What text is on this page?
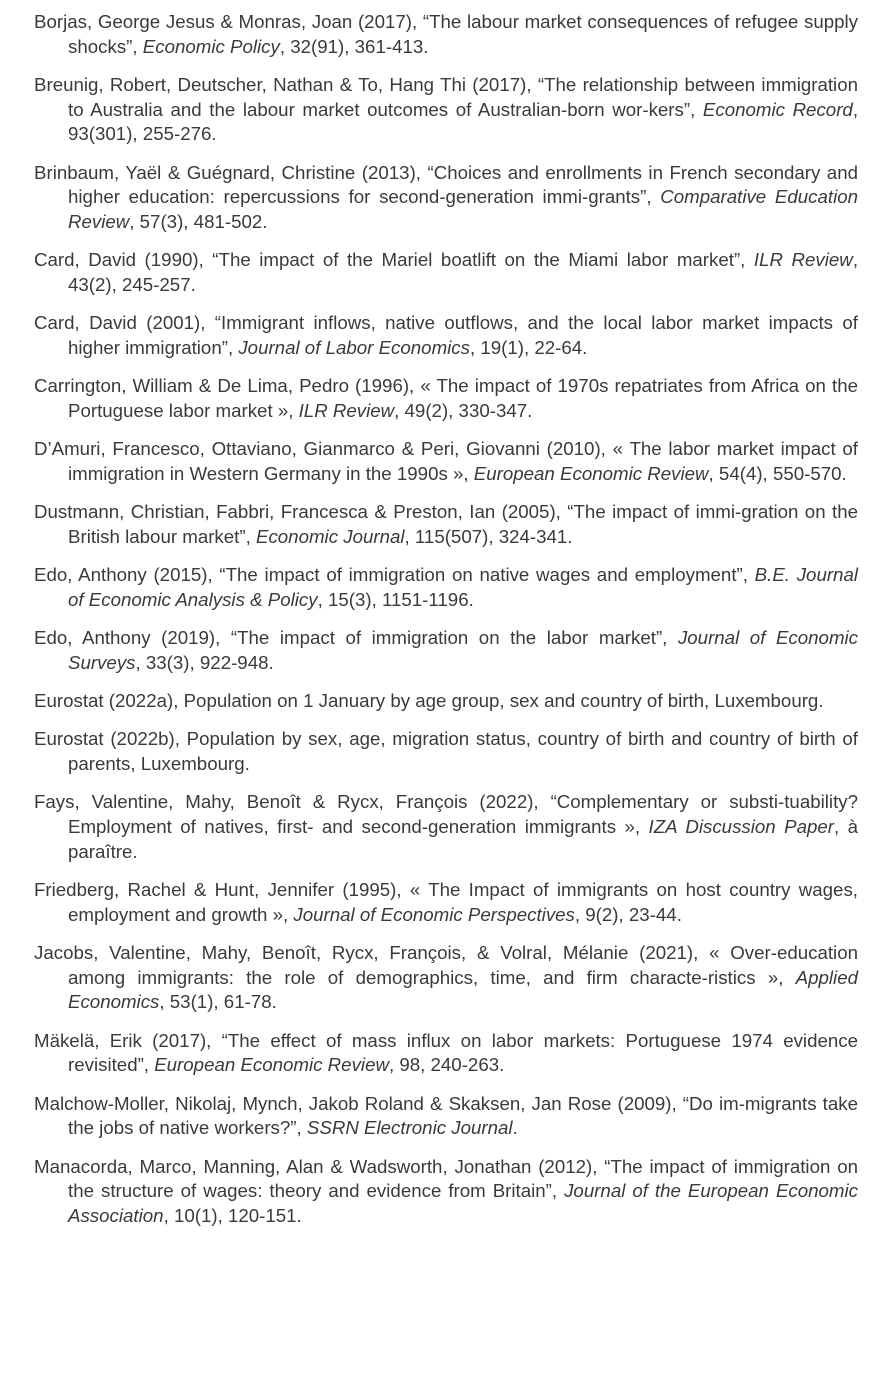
Borjas, George Jesus & Monras, Joan (2017), “The labour market consequences of refugee supply shocks”, Economic Policy, 32(91), 361-413.

Breunig, Robert, Deutscher, Nathan & To, Hang Thi (2017), “The relationship between immigration to Australia and the labour market outcomes of Australian-born wor-kers”, Economic Record, 93(301), 255-276.

Brinbaum, Yaël & Guégnard, Christine (2013), “Choices and enrollments in French secondary and higher education: repercussions for second-generation immi-grants”, Comparative Education Review, 57(3), 481-502.

Card, David (1990), “The impact of the Mariel boatlift on the Miami labor market”, ILR Review, 43(2), 245-257.

Card, David (2001), “Immigrant inflows, native outflows, and the local labor market impacts of higher immigration”, Journal of Labor Economics, 19(1), 22-64.

Carrington, William & De Lima, Pedro (1996), « The impact of 1970s repatriates from Africa on the Portuguese labor market », ILR Review, 49(2), 330-347.

D’Amuri, Francesco, Ottaviano, Gianmarco & Peri, Giovanni (2010), « The labor market impact of immigration in Western Germany in the 1990s », European Economic Review, 54(4), 550-570.

Dustmann, Christian, Fabbri, Francesca & Preston, Ian (2005), “The impact of immi-gration on the British labour market”, Economic Journal, 115(507), 324-341.

Edo, Anthony (2015), “The impact of immigration on native wages and employment”, B.E. Journal of Economic Analysis & Policy, 15(3), 1151-1196.

Edo, Anthony (2019), “The impact of immigration on the labor market”, Journal of Economic Surveys, 33(3), 922-948.

Eurostat (2022a), Population on 1 January by age group, sex and country of birth, Luxembourg.

Eurostat (2022b), Population by sex, age, migration status, country of birth and country of birth of parents, Luxembourg.

Fays, Valentine, Mahy, Benoît & Rycx, François (2022), “Complementary or substi-tuability? Employment of natives, first- and second-generation immigrants », IZA Discussion Paper, à paraître.

Friedberg, Rachel & Hunt, Jennifer (1995), « The Impact of immigrants on host country wages, employment and growth », Journal of Economic Perspectives, 9(2), 23-44.

Jacobs, Valentine, Mahy, Benoît, Rycx, François, & Volral, Mélanie (2021), « Over-education among immigrants: the role of demographics, time, and firm characte-ristics », Applied Economics, 53(1), 61-78.

Mäkelä, Erik (2017), “The effect of mass influx on labor markets: Portuguese 1974 evidence revisited”, European Economic Review, 98, 240-263.

Malchow-Moller, Nikolaj, Mynch, Jakob Roland & Skaksen, Jan Rose (2009), “Do im-migrants take the jobs of native workers?”, SSRN Electronic Journal.

Manacorda, Marco, Manning, Alan & Wadsworth, Jonathan (2012), “The impact of immigration on the structure of wages: theory and evidence from Britain”, Journal of the European Economic Association, 10(1), 120-151.
